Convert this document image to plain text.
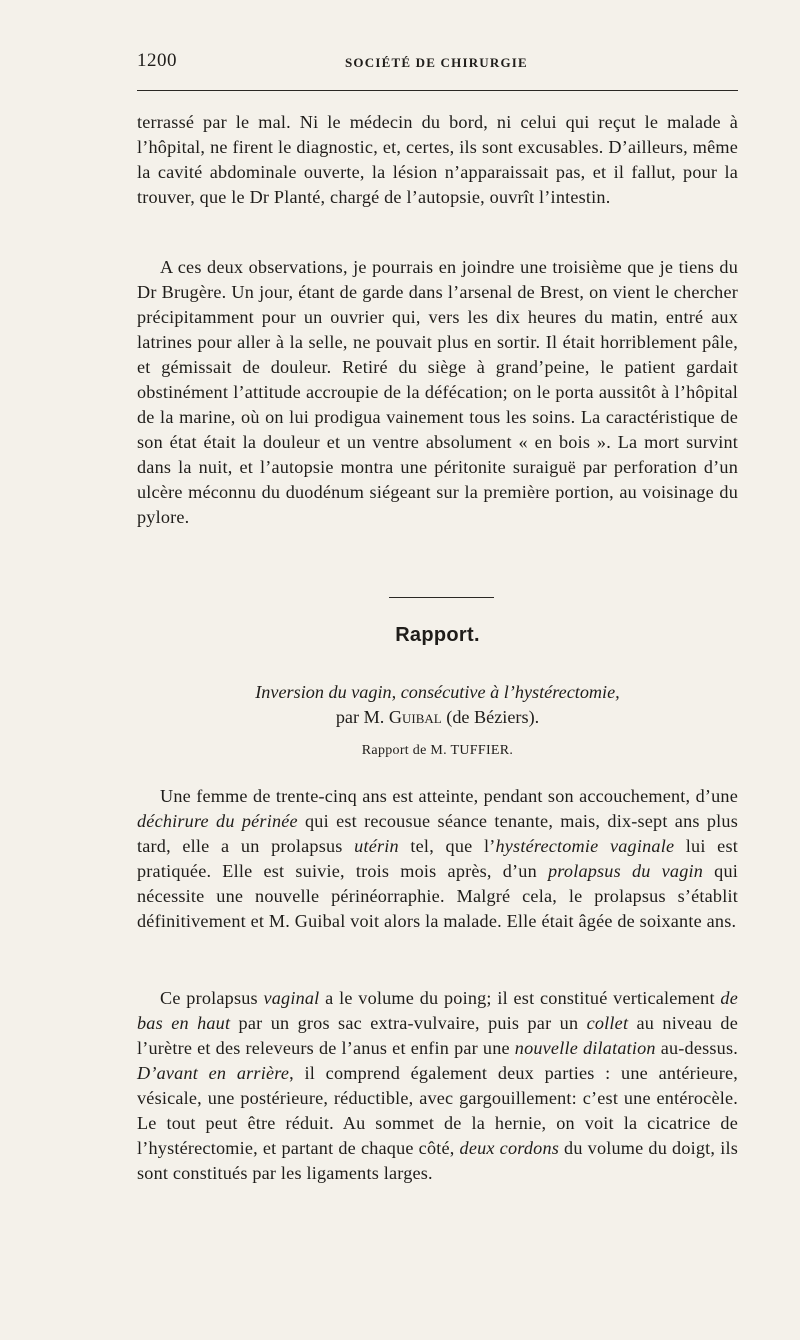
1200	SOCIÉTÉ DE CHIRURGIE

terrassé par le mal. Ni le médecin du bord, ni celui qui reçut le malade à l’hôpital, ne firent le diagnostic, et, certes, ils sont excusables. D’ailleurs, même la cavité abdominale ouverte, la lésion n’apparaissait pas, et il fallut, pour la trouver, que le Dr Planté, chargé de l’autopsie, ouvrît l’intestin.

A ces deux observations, je pourrais en joindre une troisième que je tiens du Dr Brugère. Un jour, étant de garde dans l’arsenal de Brest, on vient le chercher précipitamment pour un ouvrier qui, vers les dix heures du matin, entré aux latrines pour aller à la selle, ne pouvait plus en sortir. Il était horriblement pâle, et gémissait de douleur. Retiré du siège à grand’peine, le patient gardait obstinément l’attitude accroupie de la défécation; on le porta aussitôt à l’hôpital de la marine, où on lui prodigua vainement tous les soins. La caractéristique de son état était la douleur et un ventre absolument « en bois ». La mort survint dans la nuit, et l’autopsie montra une péritonite suraiguë par perforation d’un ulcère méconnu du duodénum siégeant sur la première portion, au voisinage du pylore.

Rapport.
Inversion du vagin, consécutive à l’hystérectomie,
par M. Guibal (de Béziers).
Rapport de M. TUFFIER.

Une femme de trente-cinq ans est atteinte, pendant son accouchement, d’une déchirure du périnée qui est recousue séance tenante, mais, dix-sept ans plus tard, elle a un prolapsus utérin tel, que l’hystérectomie vaginale lui est pratiquée. Elle est suivie, trois mois après, d’un prolapsus du vagin qui nécessite une nouvelle périnéorraphie. Malgré cela, le prolapsus s’établit définitivement et M. Guibal voit alors la malade. Elle était âgée de soixante ans.

Ce prolapsus vaginal a le volume du poing; il est constitué verticalement de bas en haut par un gros sac extra-vulvaire, puis par un collet au niveau de l’urètre et des releveurs de l’anus et enfin par une nouvelle dilatation au-dessus. D’avant en arrière, il comprend également deux parties : une antérieure, vésicale, une postérieure, réductible, avec gargouillement: c’est une entérocèle. Le tout peut être réduit. Au sommet de la hernie, on voit la cicatrice de l’hystérectomie, et partant de chaque côté, deux cordons du volume du doigt, ils sont constitués par les ligaments larges.
